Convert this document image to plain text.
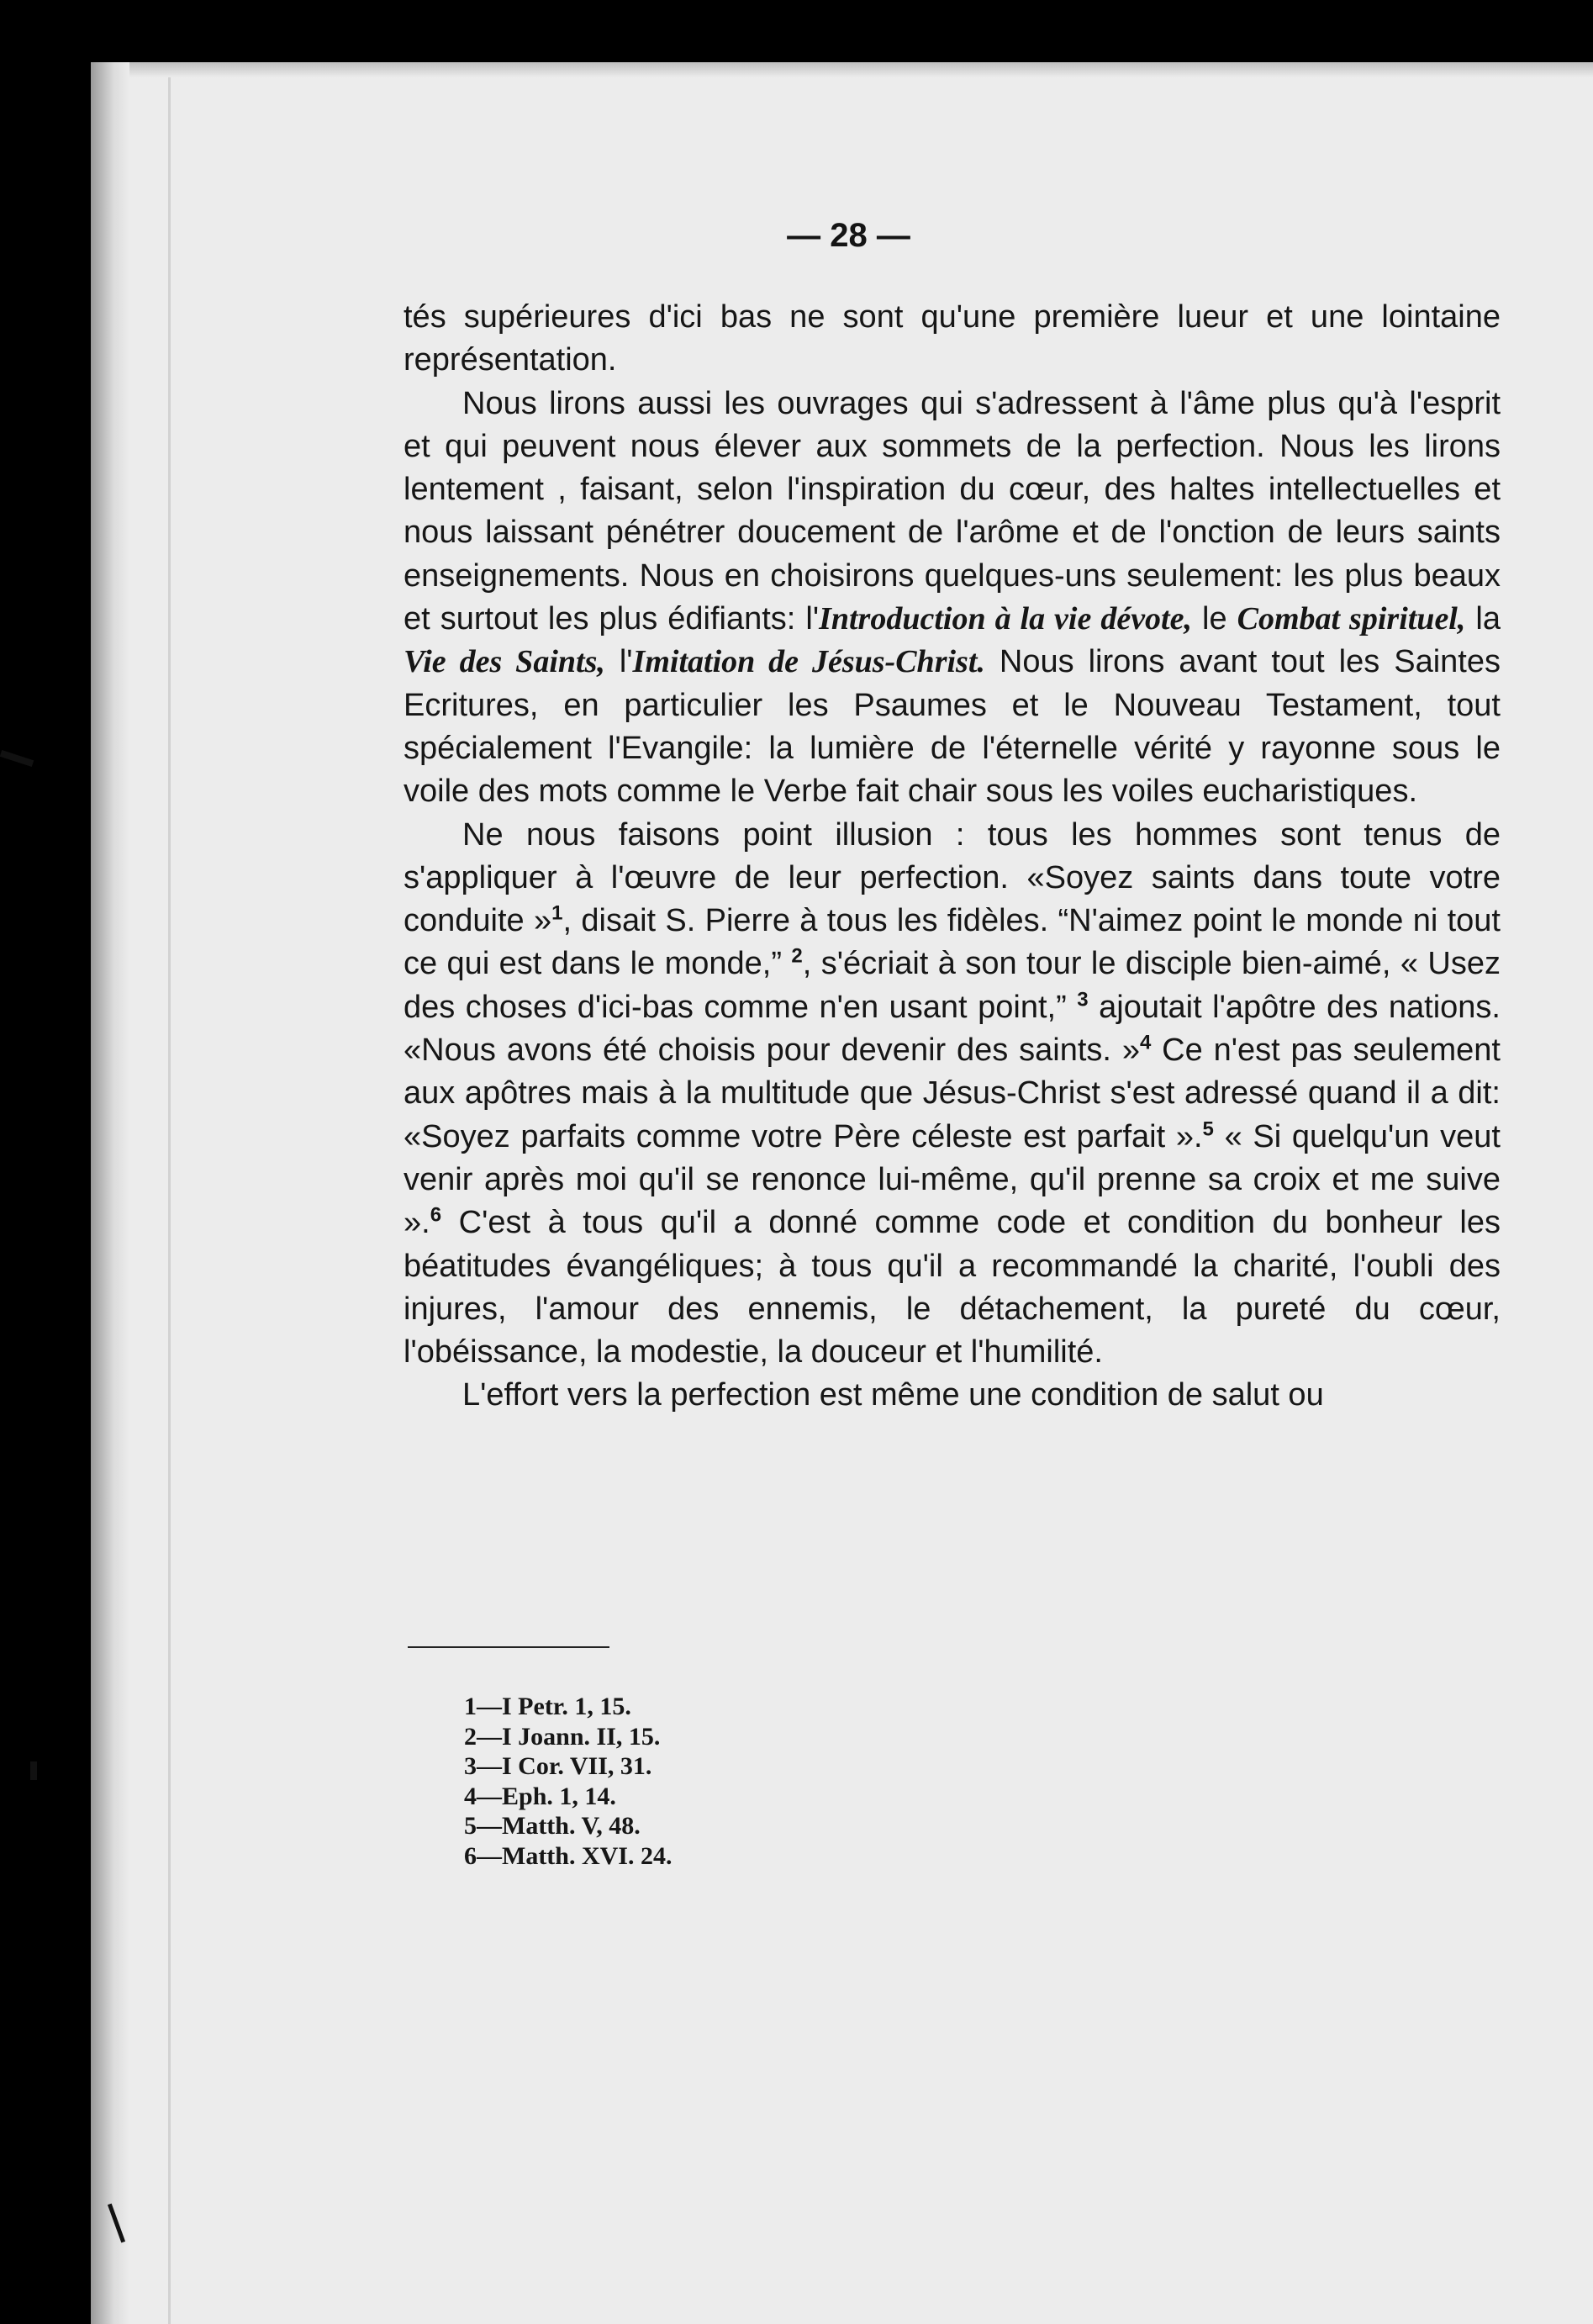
— 28 —

tés supérieures d'ici bas ne sont qu'une première lueur et une lointaine représentation.

Nous lirons aussi les ouvrages qui s'adressent à l'âme plus qu'à l'esprit et qui peuvent nous élever aux sommets de la perfection. Nous les lirons lentement , faisant, selon l'inspiration du cœur, des haltes intellectuelles et nous laissant pénétrer doucement de l'arôme et de l'onction de leurs saints enseignements. Nous en choisirons quelques-uns seulement: les plus beaux et surtout les plus édifiants: l'Introduction à la vie dévote, le Combat spirituel, la Vie des Saints, l'Imitation de Jésus-Christ. Nous lirons avant tout les Saintes Ecritures, en particulier les Psaumes et le Nouveau Testament, tout spécialement l'Evangile: la lumière de l'éternelle vérité y rayonne sous le voile des mots comme le Verbe fait chair sous les voiles eucharistiques.

Ne nous faisons point illusion : tous les hommes sont tenus de s'appliquer à l'œuvre de leur perfection. «Soyez saints dans toute votre conduite »$^1$, disait S. Pierre à tous les fidèles. “N'aimez point le monde ni tout ce qui est dans le monde,” $^2$, s'écriait à son tour le disciple bien-aimé, « Usez des choses d'ici-bas comme n'en usant point,” $^3$ ajoutait l'apôtre des nations. «Nous avons été choisis pour devenir des saints. »$^4$ Ce n'est pas seulement aux apôtres mais à la multitude que Jésus-Christ s'est adressé quand il a dit: «Soyez parfaits comme votre Père céleste est parfait ».$^5$ « Si quelqu'un veut venir après moi qu'il se renonce lui-même, qu'il prenne sa croix et me suive ».$^6$ C'est à tous qu'il a donné comme code et condition du bonheur les béatitudes évangéliques; à tous qu'il a recommandé la charité, l'oubli des injures, l'amour des ennemis, le détachement, la pureté du cœur, l'obéissance, la modestie, la douceur et l'humilité.

L'effort vers la perfection est même une condition de salut ou

1—I Petr. 1, 15.
2—I Joann. II, 15.
3—I Cor. VII, 31.
4—Eph. 1, 14.
5—Matth. V, 48.
6—Matth. XVI. 24.
